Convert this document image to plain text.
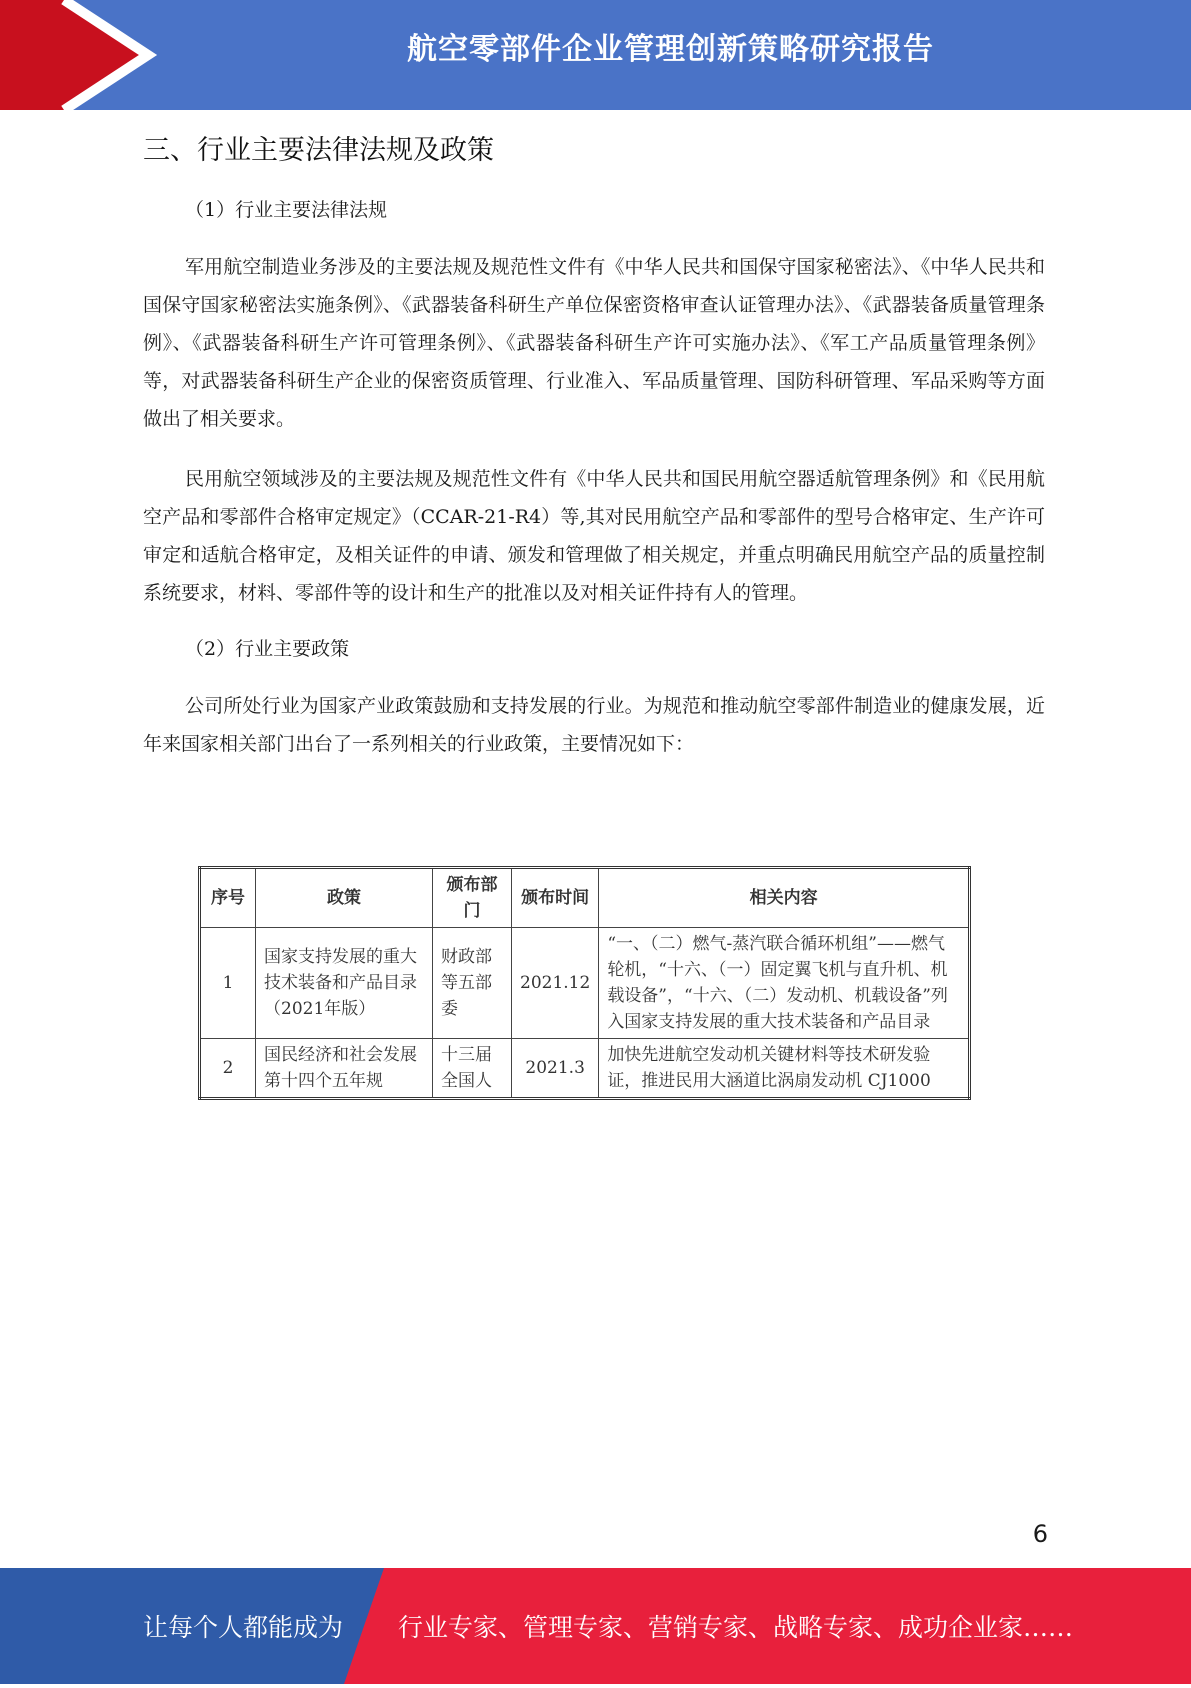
航空零部件企业管理创新策略研究报告
三、行业主要法律法规及政策
（1）行业主要法律法规

军用航空制造业务涉及的主要法规及规范性文件有《中华人民共和国保守国家秘密法》、《中华人民共和国保守国家秘密法实施条例》、《武器装备科研生产单位保密资格审查认证管理办法》、《武器装备质量管理条例》、《武器装备科研生产许可管理条例》、《武器装备科研生产许可实施办法》、《军工产品质量管理条例》等，对武器装备科研生产企业的保密资质管理、行业准入、军品质量管理、国防科研管理、军品采购等方面做出了相关要求。

民用航空领域涉及的主要法规及规范性文件有《中华人民共和国民用航空器适航管理条例》和《民用航空产品和零部件合格审定规定》（CCAR-21-R4）等,其对民用航空产品和零部件的型号合格审定、生产许可审定和适航合格审定，及相关证件的申请、颁发和管理做了相关规定，并重点明确民用航空产品的质量控制系统要求，材料、零部件等的设计和生产的批准以及对相关证件持有人的管理。

（2）行业主要政策

公司所处行业为国家产业政策鼓励和支持发展的行业。为规范和推动航空零部件制造业的健康发展，近年来国家相关部门出台了一系列相关的行业政策，主要情况如下：

序号	政策	颁布部门	颁布时间	相关内容
1	国家支持发展的重大技术装备和产品目录（2021年版）	财政部等五部委	2021.12	“一、（二）燃气-蒸汽联合循环机组”——燃气轮机，“十六、（一）固定翼飞机与直升机、机载设备”，“十六、（二）发动机、机载设备”列入国家支持发展的重大技术装备和产品目录
2	国民经济和社会发展第十四个五年规	十三届全国人	2021.3	加快先进航空发动机关键材料等技术研发验证，推进民用大涵道比涡扇发动机 CJ1000
6
让每个人都能成为 行业专家、管理专家、营销专家、战略专家、成功企业家……
